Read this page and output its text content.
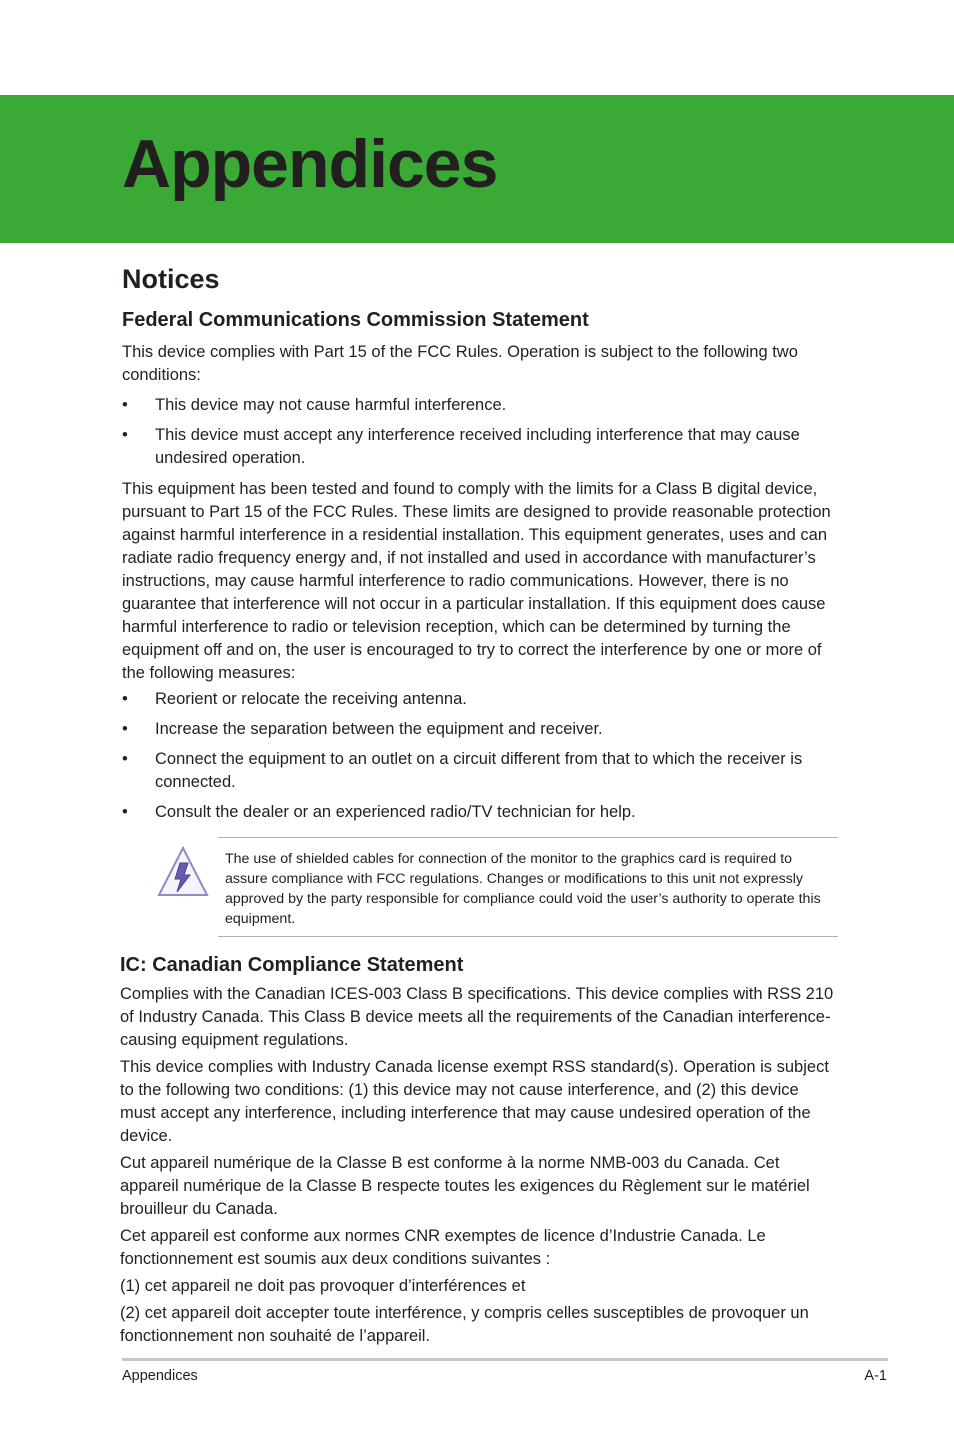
Appendices
Notices
Federal Communications Commission Statement

This device complies with Part 15 of the FCC Rules. Operation is subject to the following two conditions:

• This device may not cause harmful interference.
• This device must accept any interference received including interference that may cause undesired operation.

This equipment has been tested and found to comply with the limits for a Class B digital device, pursuant to Part 15 of the FCC Rules. These limits are designed to provide reasonable protection against harmful interference in a residential installation. This equipment generates, uses and can radiate radio frequency energy and, if not installed and used in accordance with manufacturer’s instructions, may cause harmful interference to radio communications. However, there is no guarantee that interference will not occur in a particular installation. If this equipment does cause harmful interference to radio or television reception, which can be determined by turning the equipment off and on, the user is encouraged to try to correct the interference by one or more of the following measures:

• Reorient or relocate the receiving antenna.
• Increase the separation between the equipment and receiver.
• Connect the equipment to an outlet on a circuit different from that to which the receiver is connected.
• Consult the dealer or an experienced radio/TV technician for help.

The use of shielded cables for connection of the monitor to the graphics card is required to assure compliance with FCC regulations. Changes or modifications to this unit not expressly approved by the party responsible for compliance could void the user’s authority to operate this equipment.

IC: Canadian Compliance Statement

Complies with the Canadian ICES-003 Class B specifications. This device complies with RSS 210 of Industry Canada. This Class B device meets all the requirements of the Canadian interference-causing equipment regulations.

This device complies with Industry Canada license exempt RSS standard(s). Operation is subject to the following two conditions: (1) this device may not cause interference, and (2) this device must accept any interference, including interference that may cause undesired operation of the device.

Cut appareil numérique de la Classe B est conforme à la norme NMB-003 du Canada. Cet appareil numérique de la Classe B respecte toutes les exigences du Règlement sur le matériel brouilleur du Canada.

Cet appareil est conforme aux normes CNR exemptes de licence d’Industrie Canada. Le fonctionnement est soumis aux deux conditions suivantes :

(1) cet appareil ne doit pas provoquer d’interférences et

(2) cet appareil doit accepter toute interférence, y compris celles susceptibles de provoquer un fonctionnement non souhaité de l’appareil.

Appendices	A-1
